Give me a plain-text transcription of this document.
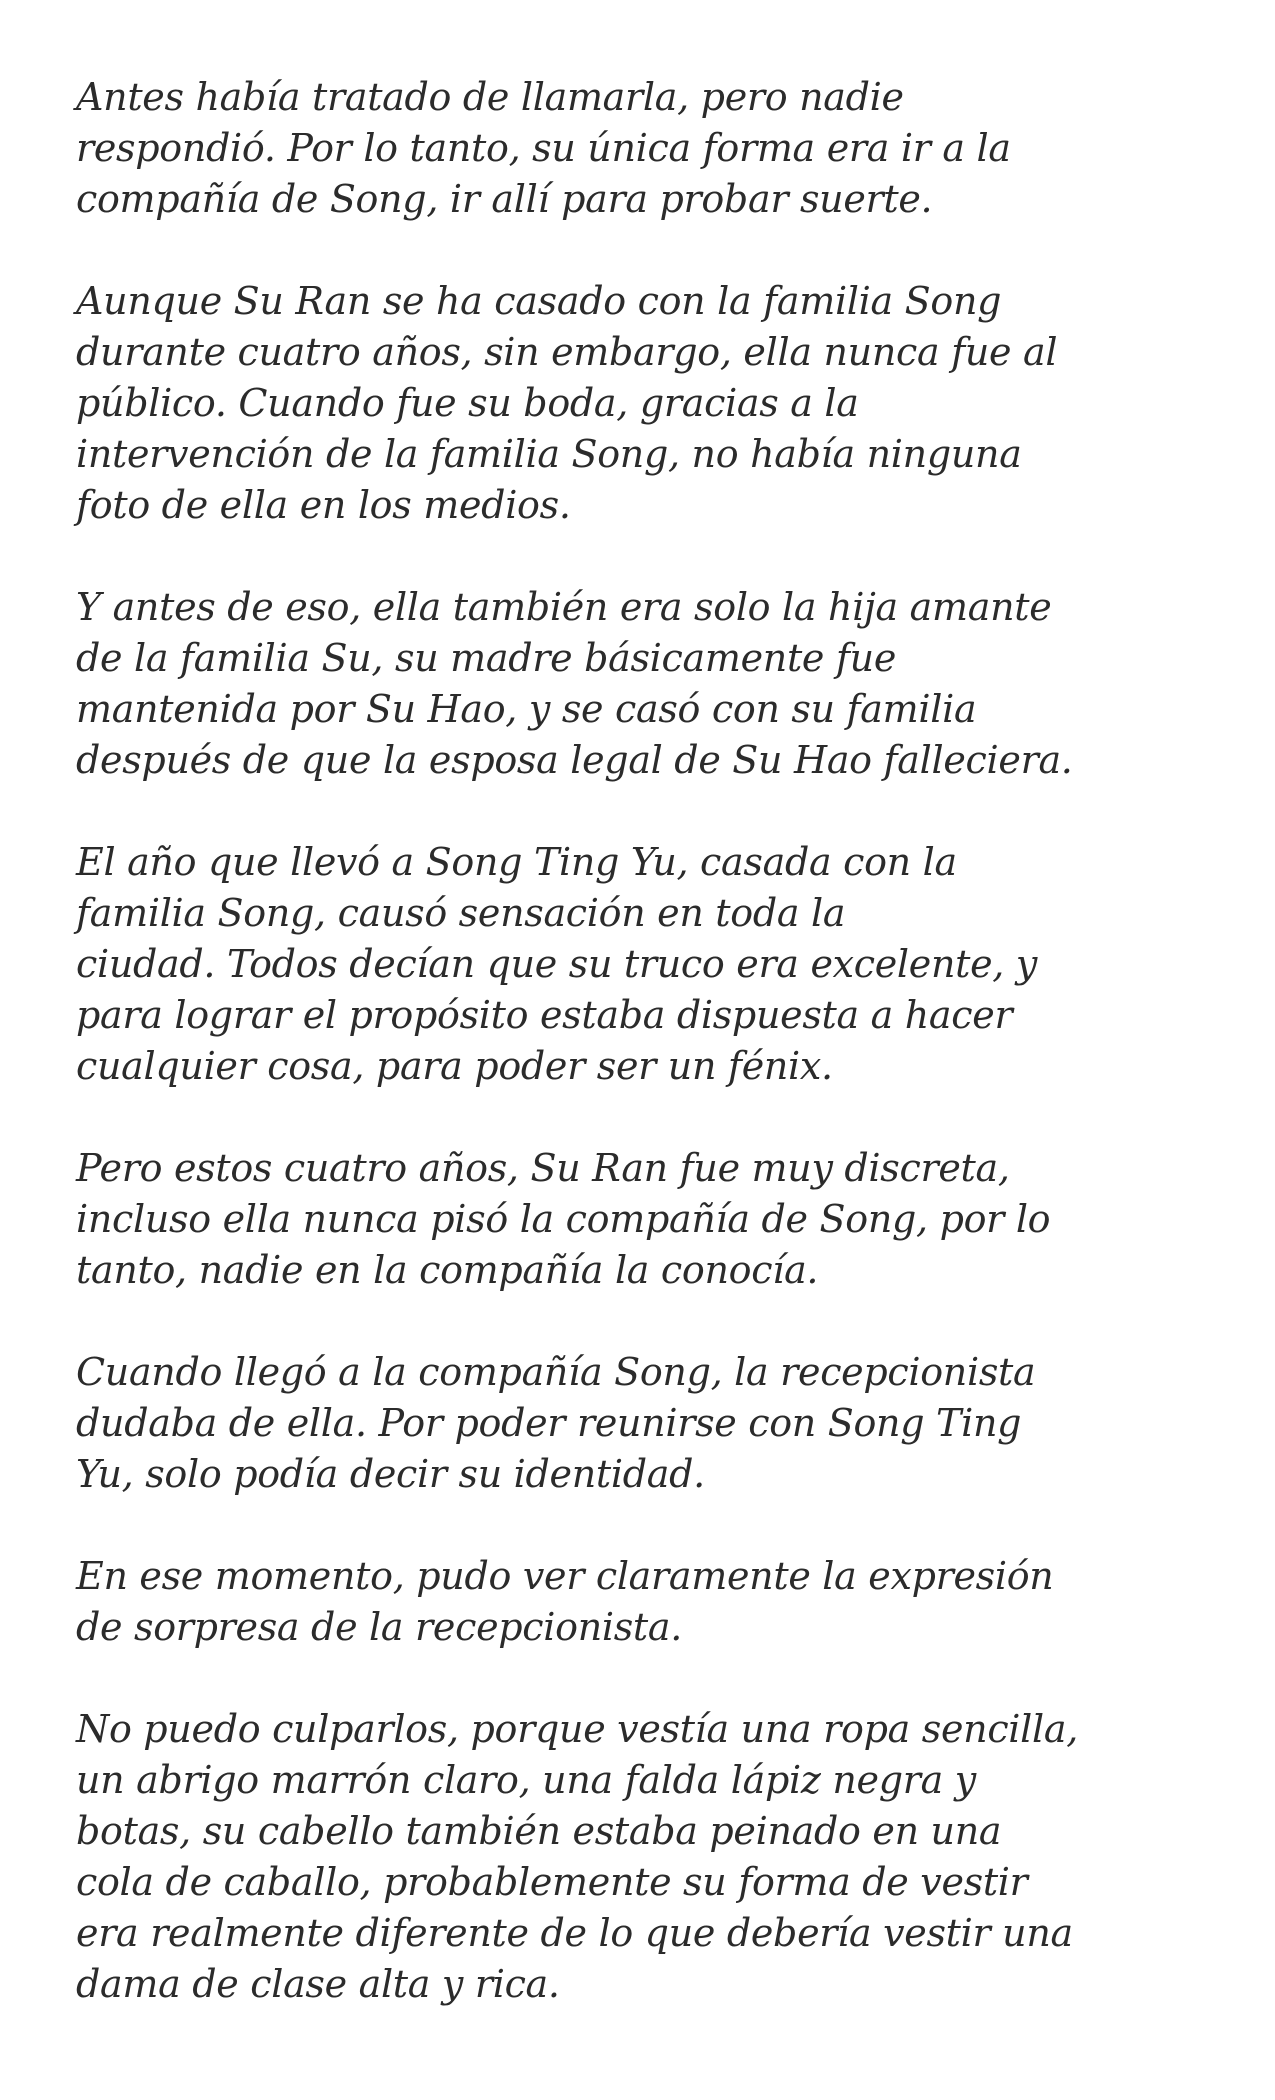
Antes había tratado de llamarla, pero nadie
respondió. Por lo tanto, su única forma era ir a la
compañía de Song, ir allí para probar suerte.

Aunque Su Ran se ha casado con la familia Song
durante cuatro años, sin embargo, ella nunca fue al
público. Cuando fue su boda, gracias a la
intervención de la familia Song, no había ninguna
foto de ella en los medios.

Y antes de eso, ella también era solo la hija amante
de la familia Su, su madre básicamente fue
mantenida por Su Hao, y se casó con su familia
después de que la esposa legal de Su Hao falleciera.

El año que llevó a Song Ting Yu, casada con la
familia Song, causó sensación en toda la
ciudad. Todos decían que su truco era excelente, y
para lograr el propósito estaba dispuesta a hacer
cualquier cosa, para poder ser un fénix.

Pero estos cuatro años, Su Ran fue muy discreta,
incluso ella nunca pisó la compañía de Song, por lo
tanto, nadie en la compañía la conocía.

Cuando llegó a la compañía Song, la recepcionista
dudaba de ella. Por poder reunirse con Song Ting
Yu, solo podía decir su identidad.

En ese momento, pudo ver claramente la expresión
de sorpresa de la recepcionista.

No puedo culparlos, porque vestía una ropa sencilla,
un abrigo marrón claro, una falda lápiz negra y
botas, su cabello también estaba peinado en una
cola de caballo, probablemente su forma de vestir
era realmente diferente de lo que debería vestir una
dama de clase alta y rica.
